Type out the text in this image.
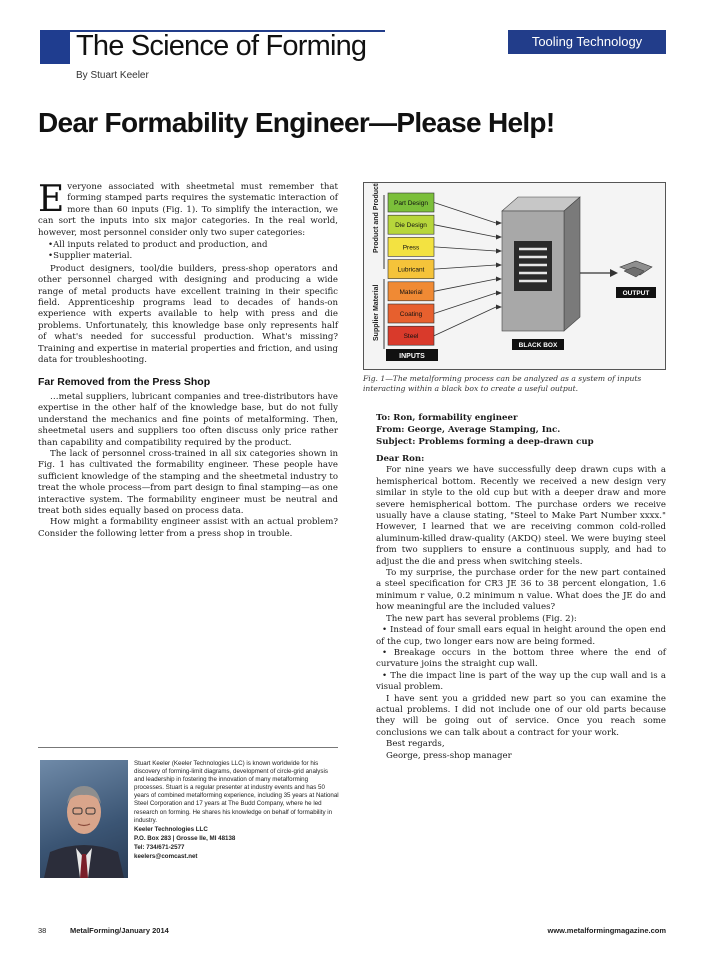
The Science of Forming
By Stuart Keeler
Tooling Technology
Dear Formability Engineer—Please Help!

Everyone associated with sheetmetal must remember that forming stamped parts requires the systematic interaction of more than 60 inputs (Fig. 1). To simplify the interaction, we can sort the inputs into six major categories. In the real world, however, most personnel consider only two super categories:

• All inputs related to product and production, and
• Supplier material.

Product designers, tool/die builders, press-shop operators and other personnel charged with designing and producing a wide range of metal products have excellent training in their specific field. Apprenticeship programs lead to decades of hands-on experience with experts available to help with press and die problems. Unfortunately, this knowledge base only represents half of what's needed for successful production. What's missing? Training and expertise in material properties and friction, and using data for troubleshooting.

Far Removed from the Press Shop

…metal suppliers, lubricant companies and tree-distributors have expertise in the other half of the knowledge base, but do not fully understand the mechanics and fine points of metalforming. Then, sheetmetal users and suppliers too often discuss only price rather than capability and compatibility required by the product.

The lack of personnel cross-trained in all six categories shown in Fig. 1 has cultivated the formability engineer. These people have sufficient knowledge of the stamping and the sheetmetal industry to treat the whole process—from part design to final stamping—as one interactive system. The formability engineer must be neutral and treat both sides equally based on process data.

How might a formability engineer assist with an actual problem? Consider the following letter from a press shop in trouble.

Product and Production
Supplier Material
Part Design
Die Design
Press
Lubricant
Material
Coating
Steel
INPUTS
BLACK BOX
OUTPUT
Fig. 1—The metalforming process can be analyzed as a system of inputs interacting within a black box to create a useful output.
To: Ron, formability engineer
From: George, Average Stamping, Inc.
Subject: Problems forming a deep-drawn cup

Dear Ron:

For nine years we have successfully deep drawn cups with a hemispherical bottom. Recently we received a new design very similar in style to the old cup but with a deeper draw and more severe hemispherical bottom. The purchase orders we receive usually have a clause stating, "Steel to Make Part Number xxxx." However, I learned that we are receiving common cold-rolled aluminum-killed draw-quality (AKDQ) steel. We were buying steel from two suppliers to ensure a continuous supply, and had to adjust the die and press when switching steels.

To my surprise, the purchase order for the new part contained a steel specification for CR3 JE 36 to 38 percent elongation, 1.6 minimum r value, 0.2 minimum n value. What does the JE do and how meaningful are the included values?

The new part has several problems (Fig. 2):

• Instead of four small ears equal in height around the open end of the cup, two longer ears now are being formed.

• Breakage occurs in the bottom three where the end of curvature joins the straight cup wall.

• The die impact line is part of the way up the cup wall and is a visual problem.

I have sent you a gridded new part so you can examine the actual problems. I did not include one of our old parts because they will be going out of service. Once you reach some conclusions we can talk about a contract for your work.

Best regards,

George, press-shop manager

Stuart Keeler (Keeler Technologies LLC) is known worldwide for his discovery of forming-limit diagrams, development of circle-grid analysis and leadership in fostering the innovation of many metalforming processes. Stuart is a regular presenter at industry events and has 50 years of combined metalforming experience, including 35 years at National Steel Corporation and 17 years at The Budd Company, where he led research on forming. He shares his knowledge on behalf of formability in industry.
Keeler Technologies LLC
P.O. Box 283 | Grosse Ile, MI 48138
Tel: 734/671-2577
keelers@comcast.net
38	MetalForming/January 2014	www.metalformingmagazine.com
